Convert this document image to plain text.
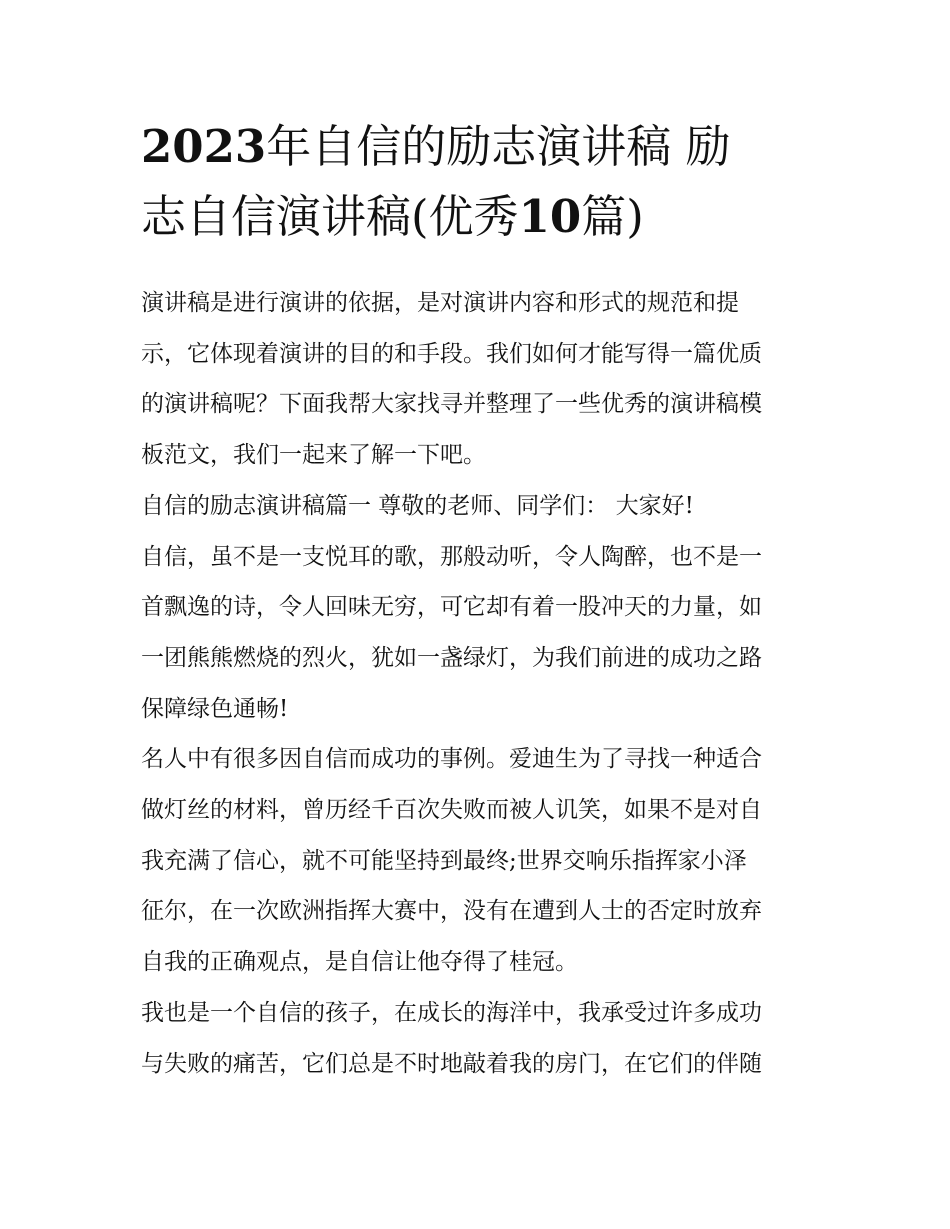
2023年自信的励志演讲稿 励
志自信演讲稿(优秀10篇)
演讲稿是进行演讲的依据，是对演讲内容和形式的规范和提
示，它体现着演讲的目的和手段。我们如何才能写得一篇优质
的演讲稿呢？下面我帮大家找寻并整理了一些优秀的演讲稿模
板范文，我们一起来了解一下吧。
自信的励志演讲稿篇一 尊敬的老师、同学们： 大家好!
自信，虽不是一支悦耳的歌，那般动听，令人陶醉，也不是一
首飘逸的诗，令人回味无穷，可它却有着一股冲天的力量，如
一团熊熊燃烧的烈火，犹如一盏绿灯，为我们前进的成功之路
保障绿色通畅!
名人中有很多因自信而成功的事例。爱迪生为了寻找一种适合
做灯丝的材料，曾历经千百次失败而被人讥笑，如果不是对自
我充满了信心，就不可能坚持到最终;世界交响乐指挥家小泽
征尔，在一次欧洲指挥大赛中，没有在遭到人士的否定时放弃
自我的正确观点，是自信让他夺得了桂冠。
我也是一个自信的孩子，在成长的海洋中，我承受过许多成功
与失败的痛苦，它们总是不时地敲着我的房门，在它们的伴随
